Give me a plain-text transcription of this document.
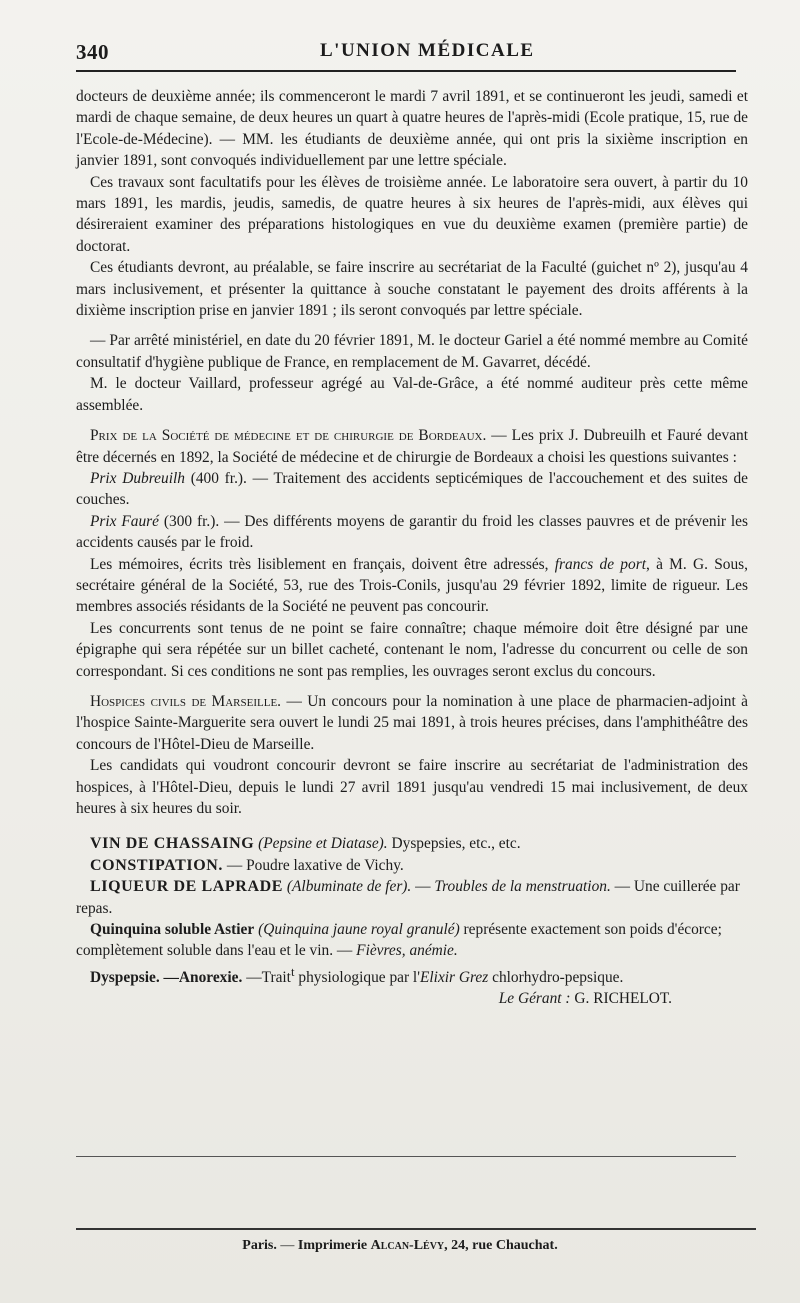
340	L'UNION MÉDICALE

docteurs de deuxième année; ils commenceront le mardi 7 avril 1891, et se continueront les jeudi, samedi et mardi de chaque semaine, de deux heures un quart à quatre heures de l'après-midi (Ecole pratique, 15, rue de l'Ecole-de-Médecine). — MM. les étudiants de deuxième année, qui ont pris la sixième inscription en janvier 1891, sont convoqués individuellement par une lettre spéciale.

Ces travaux sont facultatifs pour les élèves de troisième année. Le laboratoire sera ouvert, à partir du 10 mars 1891, les mardis, jeudis, samedis, de quatre heures à six heures de l'après-midi, aux élèves qui désireraient examiner des préparations histologiques en vue du deuxième examen (première partie) de doctorat.

Ces étudiants devront, au préalable, se faire inscrire au secrétariat de la Faculté (guichet nº 2), jusqu'au 4 mars inclusivement, et présenter la quittance à souche constatant le payement des droits afférents à la dixième inscription prise en janvier 1891 ; ils seront convoqués par lettre spéciale.

— Par arrêté ministériel, en date du 20 février 1891, M. le docteur Gariel a été nommé membre au Comité consultatif d'hygiène publique de France, en remplacement de M. Gavarret, décédé.

M. le docteur Vaillard, professeur agrégé au Val-de-Grâce, a été nommé auditeur près cette même assemblée.

Prix de la Société de médecine et de chirurgie de Bordeaux. — Les prix J. Dubreuilh et Fauré devant être décernés en 1892, la Société de médecine et de chirurgie de Bordeaux a choisi les questions suivantes :

Prix Dubreuilh (400 fr.). — Traitement des accidents septicémiques de l'accouchement et des suites de couches.

Prix Fauré (300 fr.). — Des différents moyens de garantir du froid les classes pauvres et de prévenir les accidents causés par le froid.

Les mémoires, écrits très lisiblement en français, doivent être adressés, francs de port, à M. G. Sous, secrétaire général de la Société, 53, rue des Trois-Conils, jusqu'au 29 février 1892, limite de rigueur. Les membres associés résidants de la Société ne peuvent pas concourir.

Les concurrents sont tenus de ne point se faire connaître; chaque mémoire doit être désigné par une épigraphe qui sera répétée sur un billet cacheté, contenant le nom, l'adresse du concurrent ou celle de son correspondant. Si ces conditions ne sont pas remplies, les ouvrages seront exclus du concours.

Hospices civils de Marseille. — Un concours pour la nomination à une place de pharmacien-adjoint à l'hospice Sainte-Marguerite sera ouvert le lundi 25 mai 1891, à trois heures précises, dans l'amphithéâtre des concours de l'Hôtel-Dieu de Marseille.

Les candidats qui voudront concourir devront se faire inscrire au secrétariat de l'administration des hospices, à l'Hôtel-Dieu, depuis le lundi 27 avril 1891 jusqu'au vendredi 15 mai inclusivement, de deux heures à six heures du soir.

VIN DE CHASSAING (Pepsine et Diatase). Dyspepsies, etc., etc.

CONSTIPATION. — Poudre laxative de Vichy.

LIQUEUR DE LAPRADE (Albuminate de fer). — Troubles de la menstruation. — Une cuillerée par repas.

Quinquina soluble Astier (Quinquina jaune royal granulé) représente exactement son poids d'écorce; complètement soluble dans l'eau et le vin. — Fièvres, anémie.

Dyspepsie. —Anorexie. —Trait$^t$ physiologique par l'Elixir Grez chlorhydro-pepsique.

Le Gérant : G. RICHELOT.

Paris. — Imprimerie Alcan-Lévy, 24, rue Chauchat.
